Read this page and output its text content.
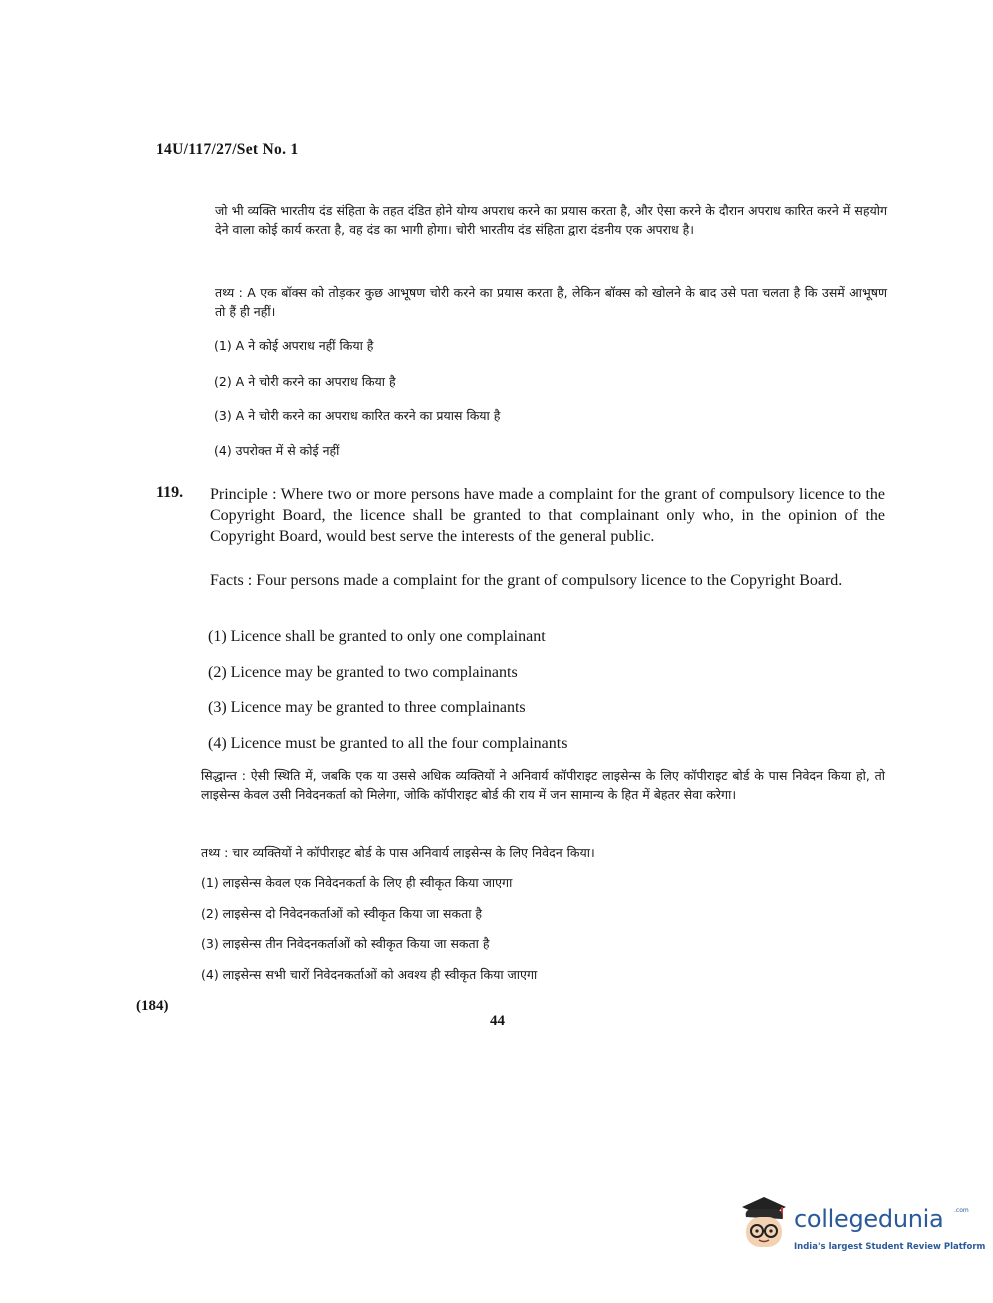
14U/117/27/Set No. 1
जो भी व्यक्ति भारतीय दंड संहिता के तहत दंडित होने योग्य अपराध करने का प्रयास करता है, और ऐसा करने के दौरान अपराध कारित करने में सहयोग देने वाला कोई कार्य करता है, वह दंड का भागी होगा। चोरी भारतीय दंड संहिता द्वारा दंडनीय एक अपराध है।
तथ्य : A एक बॉक्स को तोड़कर कुछ आभूषण चोरी करने का प्रयास करता है, लेकिन बॉक्स को खोलने के बाद उसे पता चलता है कि उसमें आभूषण तो हैं ही नहीं।
(1) A ने कोई अपराध नहीं किया है
(2) A ने चोरी करने का अपराध किया है
(3) A ने चोरी करने का अपराध कारित करने का प्रयास किया है
(4) उपरोक्त में से कोई नहीं
119. Principle : Where two or more persons have made a complaint for the grant of compulsory licence to the Copyright Board, the licence shall be granted to that complainant only who, in the opinion of the Copyright Board, would best serve the interests of the general public.
Facts : Four persons made a complaint for the grant of compulsory licence to the Copyright Board.
(1) Licence shall be granted to only one complainant
(2) Licence may be granted to two complainants
(3) Licence may be granted to three complainants
(4) Licence must be granted to all the four complainants
सिद्धान्त : ऐसी स्थिति में, जबकि एक या उससे अधिक व्यक्तियों ने अनिवार्य कॉपीराइट लाइसेन्स के लिए कॉपीराइट बोर्ड के पास निवेदन किया हो, तो लाइसेन्स केवल उसी निवेदनकर्ता को मिलेगा, जोकि कॉपीराइट बोर्ड की राय में जन सामान्य के हित में बेहतर सेवा करेगा।
तथ्य : चार व्यक्तियों ने कॉपीराइट बोर्ड के पास अनिवार्य लाइसेन्स के लिए निवेदन किया।
(1) लाइसेन्स केवल एक निवेदनकर्ता के लिए ही स्वीकृत किया जाएगा
(2) लाइसेन्स दो निवेदनकर्ताओं को स्वीकृत किया जा सकता है
(3) लाइसेन्स तीन निवेदनकर्ताओं को स्वीकृत किया जा सकता है
(4) लाइसेन्स सभी चारों निवेदनकर्ताओं को अवश्य ही स्वीकृत किया जाएगा
(184)
44
collegedunia .com
India's largest Student Review Platform
